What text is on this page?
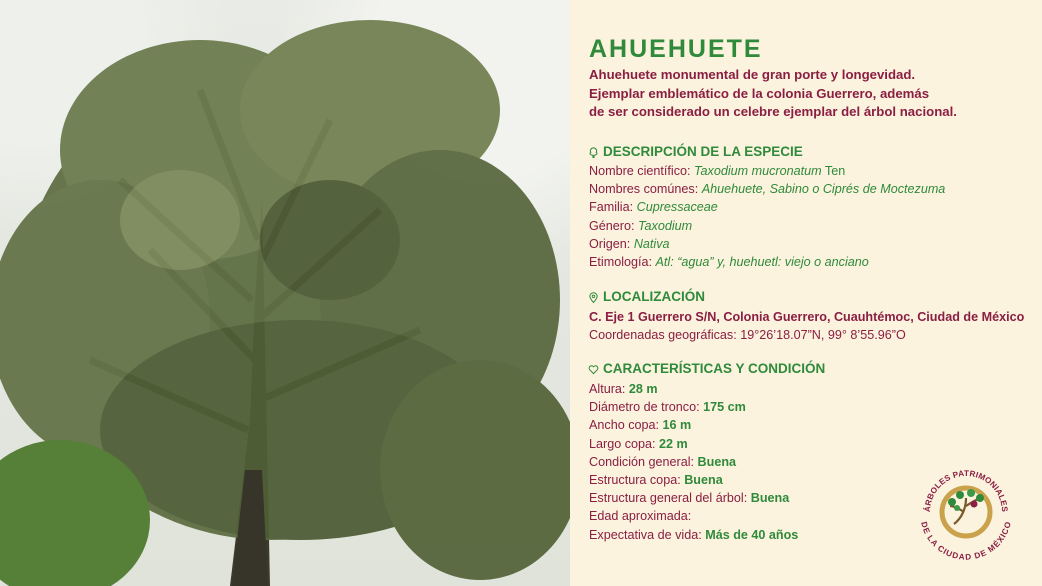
AHUEHUETE
Ahuehuete monumental de gran porte y longevidad.
Ejemplar emblemático de la colonia Guerrero, además
de ser considerado un celebre ejemplar del árbol nacional.
DESCRIPCIÓN DE LA ESPECIE
Nombre científico: Taxodium mucronatum Ten
Nombres comúnes: Ahuehuete, Sabino o Ciprés de Moctezuma
Familia: Cupressaceae
Género: Taxodium
Origen: Nativa
Etimología: Atl: “agua” y, huehuetl: viejo o anciano
LOCALIZACIÓN
C. Eje 1 Guerrero S/N, Colonia Guerrero, Cuauhtémoc, Ciudad de México
Coordenadas geográficas: 19°26’18.07”N, 99° 8’55.96”O
CARACTERÍSTICAS Y CONDICIÓN
Altura: 28 m
Diámetro de tronco: 175 cm
Ancho copa: 16 m
Largo copa: 22 m
Condición general: Buena
Estructura copa: Buena
Estructura general del árbol: Buena
Edad aproximada:
Expectativa de vida: Más de 40 años
ÁRBOLES PATRIMONIALES
DE LA CIUDAD DE MÉXICO
